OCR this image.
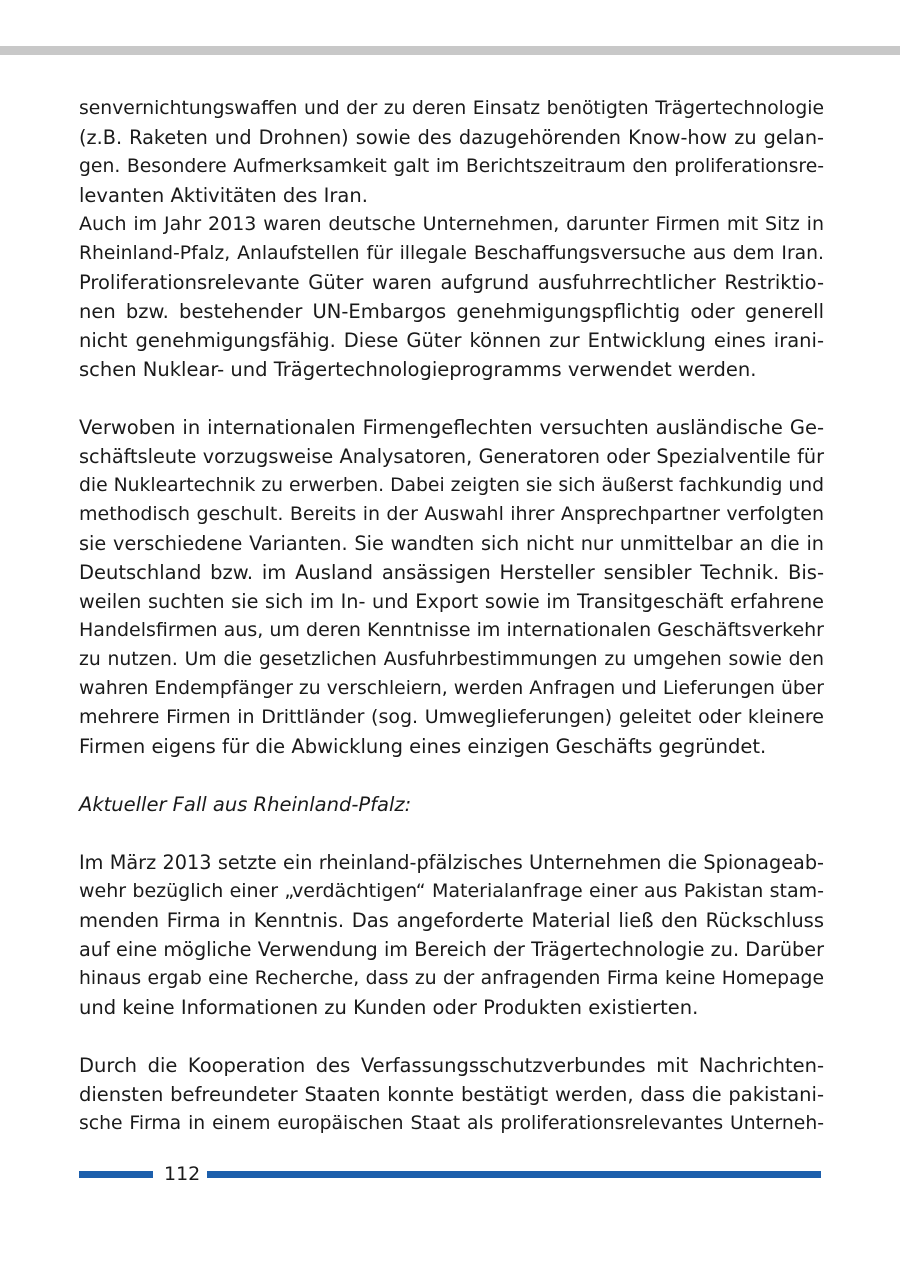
senvernichtungswaffen und der zu deren Einsatz benötigten Trägertechnologie
(z.B. Raketen und Drohnen) sowie des dazugehörenden Know-how zu gelan-
gen. Besondere Aufmerksamkeit galt im Berichtszeitraum den proliferationsre-
levanten Aktivitäten des Iran.
Auch im Jahr 2013 waren deutsche Unternehmen, darunter Firmen mit Sitz in
Rheinland-Pfalz, Anlaufstellen für illegale Beschaffungsversuche aus dem Iran.
Proliferationsrelevante Güter waren aufgrund ausfuhrrechtlicher Restriktio-
nen bzw. bestehender UN-Embargos genehmigungspflichtig oder generell
nicht genehmigungsfähig. Diese Güter können zur Entwicklung eines irani-
schen Nuklear- und Trägertechnologieprogramms verwendet werden.
Verwoben in internationalen Firmengeflechten versuchten ausländische Ge-
schäftsleute vorzugsweise Analysatoren, Generatoren oder Spezialventile für
die Nukleartechnik zu erwerben. Dabei zeigten sie sich äußerst fachkundig und
methodisch geschult. Bereits in der Auswahl ihrer Ansprechpartner verfolgten
sie verschiedene Varianten. Sie wandten sich nicht nur unmittelbar an die in
Deutschland bzw. im Ausland ansässigen Hersteller sensibler Technik. Bis-
weilen suchten sie sich im In- und Export sowie im Transitgeschäft erfahrene
Handelsfirmen aus, um deren Kenntnisse im internationalen Geschäftsverkehr
zu nutzen. Um die gesetzlichen Ausfuhrbestimmungen zu umgehen sowie den
wahren Endempfänger zu verschleiern, werden Anfragen und Lieferungen über
mehrere Firmen in Drittländer (sog. Umweglieferungen) geleitet oder kleinere
Firmen eigens für die Abwicklung eines einzigen Geschäfts gegründet.
Aktueller Fall aus Rheinland-Pfalz:
Im März 2013 setzte ein rheinland-pfälzisches Unternehmen die Spionageab-
wehr bezüglich einer „verdächtigen“ Materialanfrage einer aus Pakistan stam-
menden Firma in Kenntnis. Das angeforderte Material ließ den Rückschluss
auf eine mögliche Verwendung im Bereich der Trägertechnologie zu. Darüber
hinaus ergab eine Recherche, dass zu der anfragenden Firma keine Homepage
und keine Informationen zu Kunden oder Produkten existierten.
Durch die Kooperation des Verfassungsschutzverbundes mit Nachrichten-
diensten befreundeter Staaten konnte bestätigt werden, dass die pakistani-
sche Firma in einem europäischen Staat als proliferationsrelevantes Unterneh-
112
